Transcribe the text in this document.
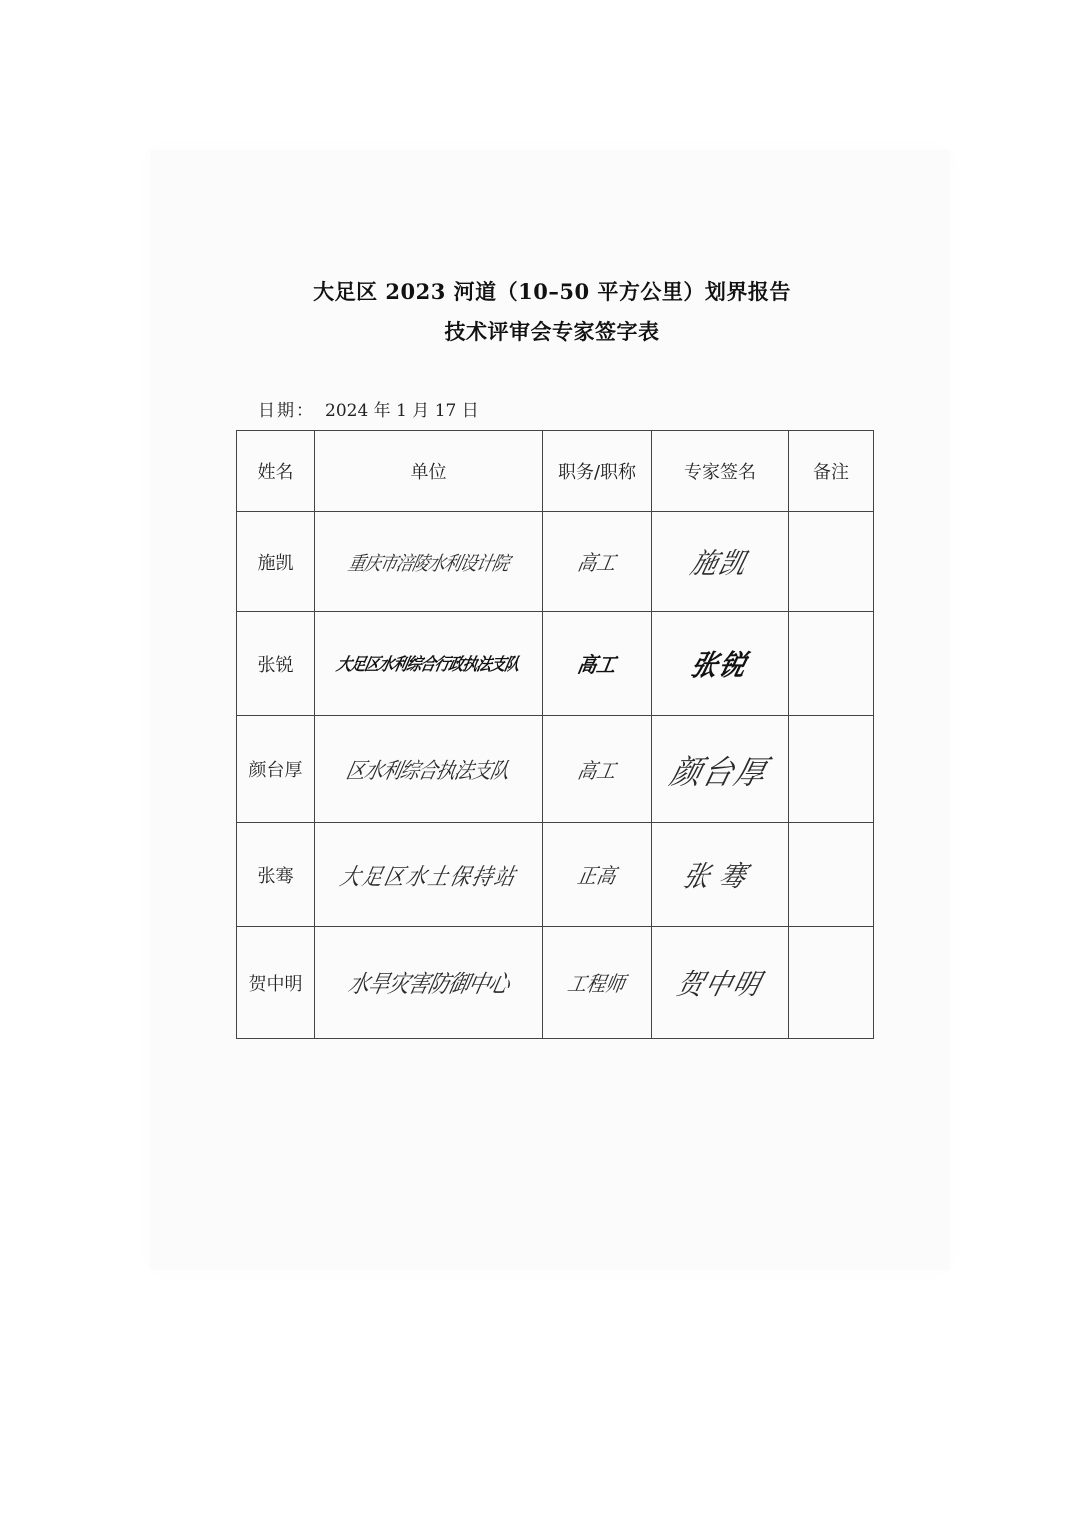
大足区 2023 河道（10–50 平方公里）划界报告
技术评审会专家签字表
日期： 2024 年 1 月 17 日
姓名	单位	职务/职称	专家签名	备注
施凯	重庆市涪陵水利设计院	高工	施凯	
张锐	大足区水利综合行政执法支队	高工	张锐	
颜台厚	区水利综合执法支队	高工	颜台厚	
张骞	大足区水土保持站	正高	张骞	
贺中明	水旱灾害防御中心	工程师	贺中明	
